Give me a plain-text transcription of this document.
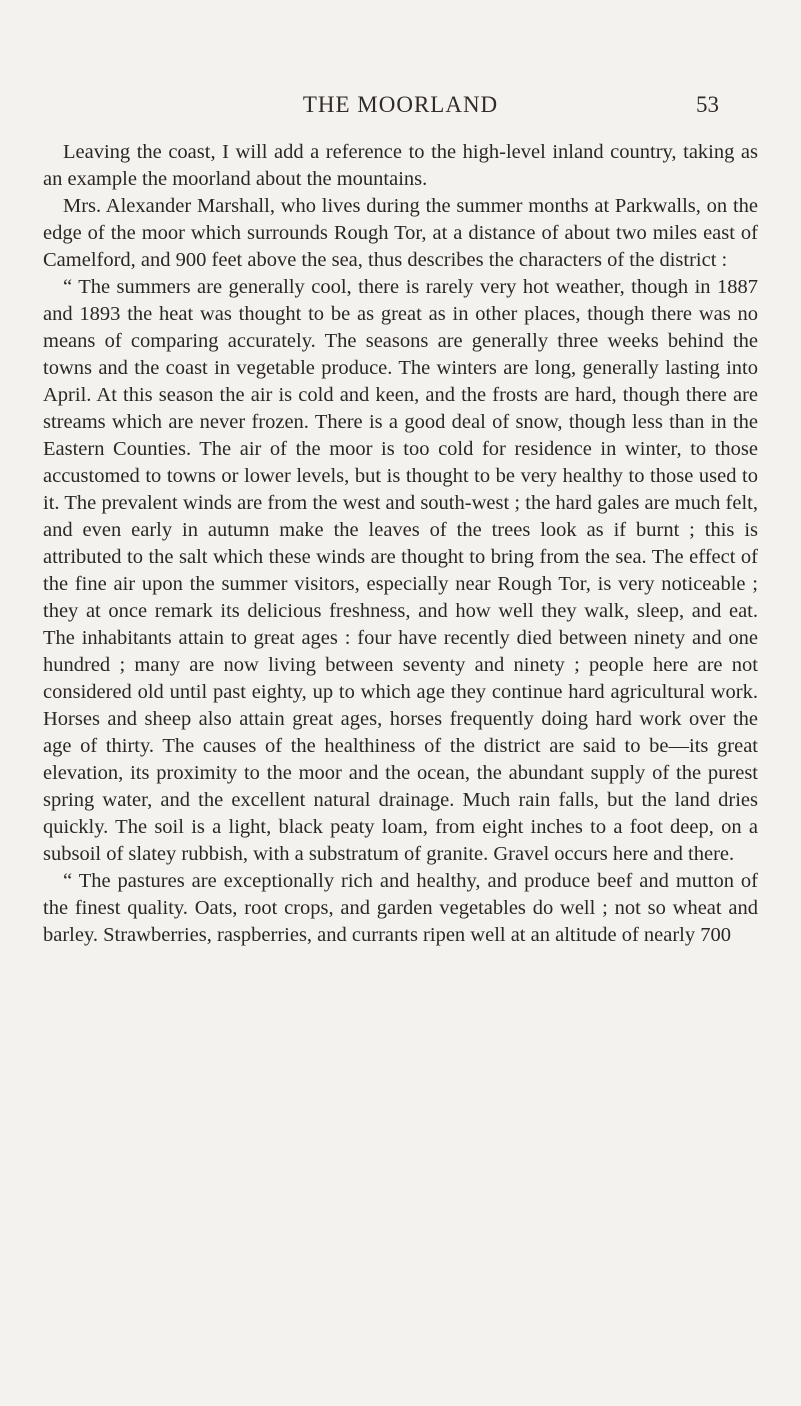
THE MOORLAND	53

Leaving the coast, I will add a reference to the high-level inland country, taking as an example the moorland about the mountains.

Mrs. Alexander Marshall, who lives during the summer months at Parkwalls, on the edge of the moor which surrounds Rough Tor, at a distance of about two miles east of Camelford, and 900 feet above the sea, thus describes the characters of the district :

“ The summers are generally cool, there is rarely very hot weather, though in 1887 and 1893 the heat was thought to be as great as in other places, though there was no means of comparing accurately. The seasons are generally three weeks behind the towns and the coast in vegetable produce. The winters are long, generally lasting into April. At this season the air is cold and keen, and the frosts are hard, though there are streams which are never frozen. There is a good deal of snow, though less than in the Eastern Counties. The air of the moor is too cold for residence in winter, to those accustomed to towns or lower levels, but is thought to be very healthy to those used to it. The prevalent winds are from the west and south-west ; the hard gales are much felt, and even early in autumn make the leaves of the trees look as if burnt ; this is attributed to the salt which these winds are thought to bring from the sea. The effect of the fine air upon the summer visitors, especially near Rough Tor, is very noticeable ; they at once remark its delicious freshness, and how well they walk, sleep, and eat. The inhabitants attain to great ages : four have recently died between ninety and one hundred ; many are now living between seventy and ninety ; people here are not considered old until past eighty, up to which age they continue hard agricultural work. Horses and sheep also attain great ages, horses frequently doing hard work over the age of thirty. The causes of the healthiness of the district are said to be—its great elevation, its proximity to the moor and the ocean, the abundant supply of the purest spring water, and the excellent natural drainage. Much rain falls, but the land dries quickly. The soil is a light, black peaty loam, from eight inches to a foot deep, on a subsoil of slatey rubbish, with a substratum of granite. Gravel occurs here and there.

“ The pastures are exceptionally rich and healthy, and produce beef and mutton of the finest quality. Oats, root crops, and garden vegetables do well ; not so wheat and barley. Strawberries, raspberries, and currants ripen well at an altitude of nearly 700
